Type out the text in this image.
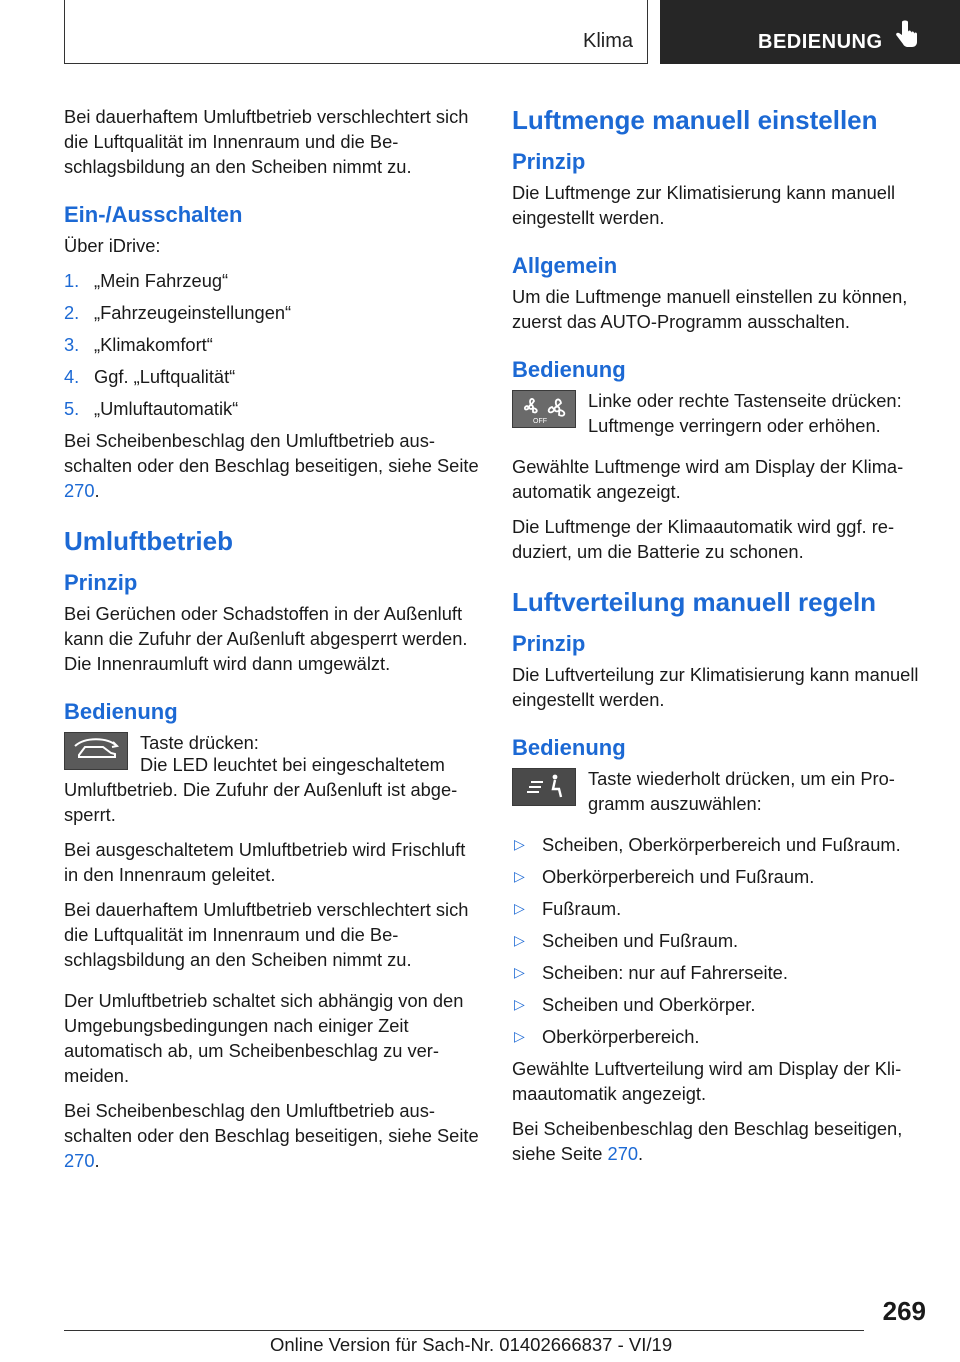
Klima	BEDIENUNG

Bei dauerhaftem Umluftbetrieb verschlechtert sich die Luftqualität im Innenraum und die Beschlagsbildung an den Scheiben nimmt zu.

Ein-/Ausschalten

Über iDrive:

1. „Mein Fahrzeug“
2. „Fahrzeugeinstellungen“
3. „Klimakomfort“
4. Ggf. „Luftqualität“
5. „Umluftautomatik“

Bei Scheibenbeschlag den Umluftbetrieb ausschalten oder den Beschlag beseitigen, siehe Seite 270.

Umluftbetrieb
Prinzip

Bei Gerüchen oder Schadstoffen in der Außenluft kann die Zufuhr der Außenluft abgesperrt werden. Die Innenraumluft wird dann umgewälzt.

Bedienung

Taste drücken:

Die LED leuchtet bei eingeschaltetem Umluftbetrieb. Die Zufuhr der Außenluft ist abgesperrt.

Bei ausgeschaltetem Umluftbetrieb wird Frischluft in den Innenraum geleitet.

Bei dauerhaftem Umluftbetrieb verschlechtert sich die Luftqualität im Innenraum und die Beschlagsbildung an den Scheiben nimmt zu.

Der Umluftbetrieb schaltet sich abhängig von den Umgebungsbedingungen nach einiger Zeit automatisch ab, um Scheibenbeschlag zu vermeiden.

Bei Scheibenbeschlag den Umluftbetrieb ausschalten oder den Beschlag beseitigen, siehe Seite 270.

Luftmenge manuell einstellen
Prinzip

Die Luftmenge zur Klimatisierung kann manuell eingestellt werden.

Allgemein

Um die Luftmenge manuell einstellen zu können, zuerst das AUTO-Programm ausschalten.

Bedienung
OFF

Linke oder rechte Tastenseite drücken: Luftmenge verringern oder erhöhen.

Gewählte Luftmenge wird am Display der Klimaautomatik angezeigt.

Die Luftmenge der Klimaautomatik wird ggf. reduziert, um die Batterie zu schonen.

Luftverteilung manuell regeln
Prinzip

Die Luftverteilung zur Klimatisierung kann manuell eingestellt werden.

Bedienung

Taste wiederholt drücken, um ein Programm auszuwählen:

▷ Scheiben, Oberkörperbereich und Fußraum.
▷ Oberkörperbereich und Fußraum.
▷ Fußraum.
▷ Scheiben und Fußraum.
▷ Scheiben: nur auf Fahrerseite.
▷ Scheiben und Oberkörper.
▷ Oberkörperbereich.

Gewählte Luftverteilung wird am Display der Klimaautomatik angezeigt.

Bei Scheibenbeschlag den Beschlag beseitigen, siehe Seite 270.

269
Online Version für Sach-Nr. 01402666837 - VI/19
